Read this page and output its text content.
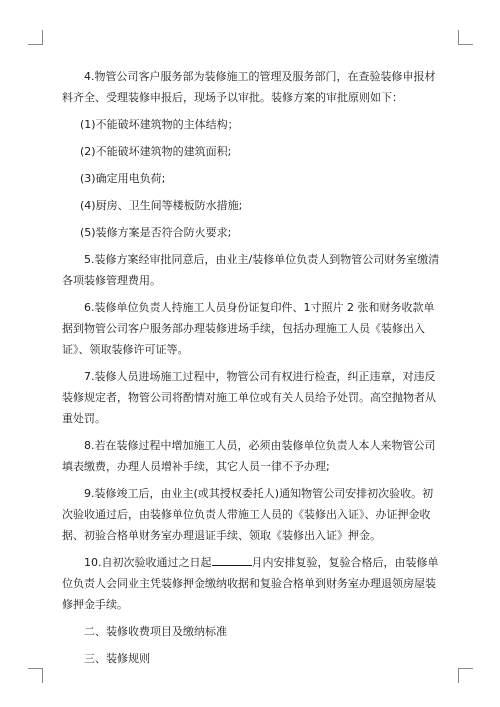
4.物管公司客户服务部为装修施工的管理及服务部门，在查验装修申报材料齐全、受理装修申报后，现场予以审批。装修方案的审批原则如下：

(1)不能破坏建筑物的主体结构；

(2)不能破坏建筑物的建筑面积;

(3)确定用电负荷;

(4)厨房、卫生间等楼板防水措施;

(5)装修方案是否符合防火要求;

5.装修方案经审批同意后，由业主/装修单位负责人到物管公司财务室缴清各项装修管理费用。

6.装修单位负责人持施工人员身份证复印件、1寸照片 2 张和财务收款单据到物管公司客户服务部办理装修进场手续，包括办理施工人员《装修出入证》、领取装修许可证等。

7.装修人员进场施工过程中，物管公司有权进行检查，纠正违章，对违反装修规定者，物管公司将酌情对施工单位或有关人员给予处罚。高空抛物者从重处罚。

8.若在装修过程中增加施工人员，必须由装修单位负责人本人来物管公司填表缴费，办理人员增补手续，其它人员一律不予办理;

9.装修竣工后，由业主(或其授权委托人)通知物管公司安排初次验收。初次验收通过后，由装修单位负责人带施工人员的《装修出入证》、办证押金收据、初验合格单财务室办理退证手续、领取《装修出入证》押金。

10.自初次验收通过之日起	月内安排复验，复验合格后，由装修单位负责人会同业主凭装修押金缴纳收据和复验合格单到财务室办理退领房屋装修押金手续。

二、装修收费项目及缴纳标准

三、装修规则
